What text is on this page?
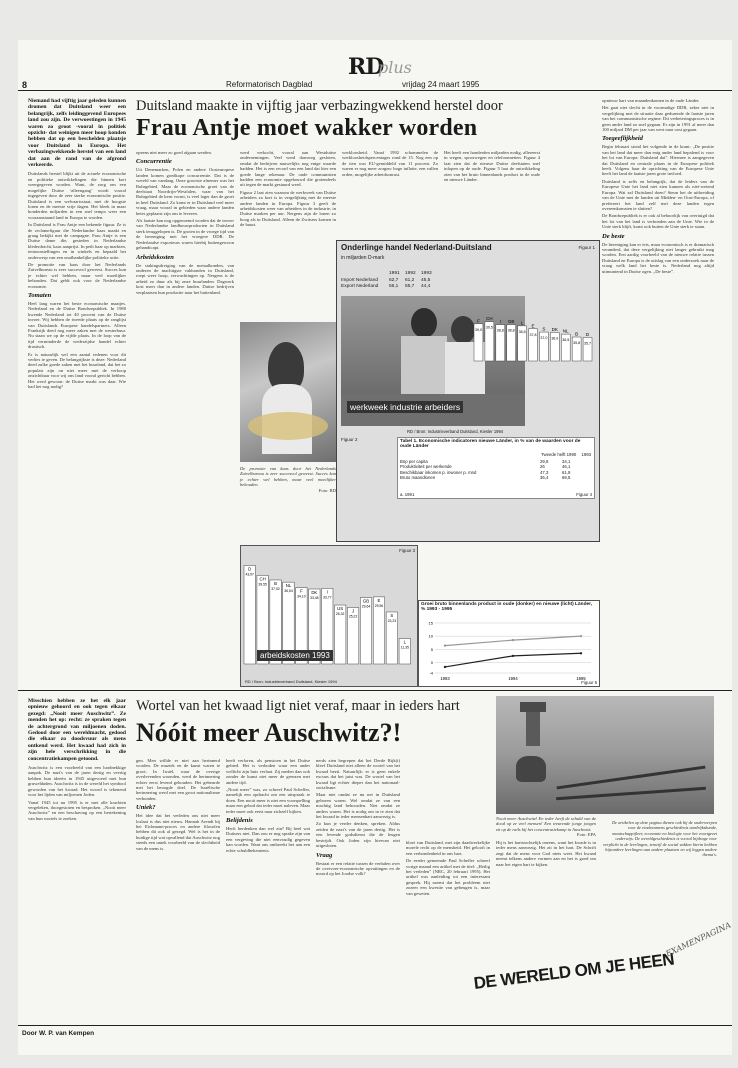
8
RD
plus
Reformatorisch Dagblad	vrijdag 24 maart 1995

Niemand had vijftig jaar geleden kunnen dromen dat Duitsland weer een belangrijk, zelfs leidinggevend Europees land zou zijn. De verwoestingen in 1945 waren zo groot -vooral in politiek opzicht- dat weinigen meer hoop konden hebben dat op een beschelden plaatsje voor Duitsland in Europa. Het verbazingwekkende herstel van een land dat aan de rand van de afgrond verkeerde.

Duitslands herstel blijkt uit de actuele economische en politieke ontwikkelingen die binnen kort weergegeven worden. Want, de zorg om een mogelijke Duitse ‘alleengang’ wordt vooral ingegeven door de zeer sterke economische positie. Duitsland is een welvaartsstaat, met de hoogste lonen en de meeste vrije dagen. Het bleek in maar honderden miljarden in een snel tempo weer een vooraanstaand land in Europa te worden.

In Duitsland is Frau Antje een bekende figuur. Ze is de reclamefiguur die Nederlandse kaas maakt en graag bekijkt met de campagne. Frau Antje is een Duitse dame die, gesteden in Nederlandse klederdracht, kaas aanprijst. In peilt haar op markten, tentoonstellingen en in winkels en bepaald het onderwerp van een onafhankelijke politieke actie.

De promotie van kaas door het Nederlands Zuivelbureau is zeer succesvol geweest. Succes kun je echter wel hebben, maar veel moeilijker behouden. Dat geldt ook voor de Nederlandse economie.

Tomaten

Heel lang waren het beste economische maatjes. Nederland en de Duitse Bondsrepubliek. In 1980 kwende Nederland tot 40 procent van de Duitse invoer. Wij hebben de tweede plaats op de ranglijst van Duitslands Europese handelspartners. Alleen Frankrijk deed nog meer zaken met de westerbuur. Nu staan we op de vijfde plaats. In de loop van de tijd verminderde de wederzijdse handel echter drastisch.

Er is natuurlijk wel een aantal redenen voor dit verlies te geven. De belangrijkste is deze: Nederland deed zulke goede zaken met het buurland, dat het zo populair zijn on niet meer met de verkoop onzichtbaar voor wij ons land vooral gericht hebben. Het werd gewoon: de Duitse markt was daar. Wie had het nog nodig?

Duitsland maakte in vijftig jaar verbazingwekkend herstel door
Frau Antje moet wakker worden

opeens niet meer zo goed afgaan werden.

Concurrentie

Uit Denemarken, Polen en andere Oosteuropese landen komen goedkope concurrentie. Dat is de wereld van vandaag. Onze grootste afnemer was het Ruhrgebied. Maar de economische groei van de deelstaat Noordrijn-Westfalen, waar van het Ruhrgebied de kern vormt, is veel lager dan de groei in heel Duitsland. Zo komt er in Duitsland veel meer vraag, maar vooral in gebieden waar andere landen beter geplaatst zijn om te leveren.

Als laatste kan nog opgenoemd worden dat de invoer van Nederlandse landbouwproducten in Duitsland sterk teruggelopen is. De groten in de vroege tijd van de hereniging met het vroegere DDR. De Nederlandse exporteurs waren hierbij buitengewoon gehandicapt.

Arbeidskosten

De stakingsdreiging van de metaalbonden, van onderen de machtigste vakbonden in Duitsland, roept weer hoop, verwachtingen op. Nergens is de arbeid zo duur als bij onze buurlanden. Dagwerk kost meer dan in andere landen. Duitse bedrijven verplaatsen hun productie naar het buitenland.

werd verkocht, vooral aan Westduitse ondernemingen. Veel werd domweg gesloten, omdat de bedrijven nauwelijks nog enige waarde hadden. Het is een record van een land dat hier een goede lange rekenaar. De oude communisten hadden een economie opgebouwd die grotendeels uit tegen de markt gestuurd werd.

Figuur 2 laat zien waarom de werkweek van Duitse arbeiders zo kort is in vergelijking met de meeste andere landen in Europa. Figuur 3 geeft de arbeidskosten weer van arbeiders in de industrie, in Duitse marken per uur. Nergens zijn de lonen zo hoog als in Duitsland. Alleen de Zwitsers komen in de buurt.

werkloosheid. Vanaf 1992 schommelen de werkloosheidspercentages rond de 15. Nog een op de tien was EU-gemiddeld van 11 procent. Zo waren er nog meer zorgen: hoge inflatie, een vallen orden, mogelijke arbeidsonrust.

Het heeft een honderden miljarden nodig, allereerst in wegen, spoorwegen en telefoonnetten. Figuur 4 laat zien dat de nieuwe Duitse deelstaten snel inlopen op de oude. Figuur 5 laat de ontwikkeling zien van het bruto binnenlands product in de oude en nieuwe Länder.

opnieuw hart van maandenkomen in de oude Länder.

Het gaat niet slecht in de voormalige DDR, zeker niet in vergelijking met de situatie daar gedurende de laatste jaren van het communistische regime. Dit verbeteringsproces is in geen ander land zo snel gegaan. Er zijn in 1991 al meer dan 100 miljard DM per jaar van west naar oost gegaan.

Toegeeflijkheid

Begin februari stond het volgende in de krant: „De positie van het land dat meer dan enig ander land bepalend is voor het lot van Europa: Duitsland dat”. Hiermee is aangegeven dat Duitsland en centrale plaats in de Europese politiek heeft. Volgens haar de oprichting van de Europese Unie heeft het land de laatste jaren grote invloed.

Duitsland is zelfs en belangrijk, dat de leiders van de Europese Unie het land niet zien kunnen als niet-wetend Europa. Wat zal Duitsland doen? Steun het de uitbreiding van de Unie met de landen uit Midden- en Oost-Europa, of prefereert het land zelf met deze landen tegen overeenkomsten te sluiten?

De Bondsrepubliek is er ook al behoorlijk van overtuigd dat het lot van het land is verbonden aan de Unie. Wie in de Unie sterk blijft, komt ook buiten de Unie sterk te staan.

De beste

De hereniging kan er iets, maar economisch is er dramatisch veranderd, dat deze vergelijking niet langer gebruikt mag worden. Een aardig voorbeeld van de nieuwe relatie tussen Duitsland en Europa is de uitslag van een onderzoek naar de vraag welk land het beste is. Nederland nog altijd uitmuntend in Duitse ogen. „De beste”.

De promotie van kaas door het Nederlands Zuivelbureau is zeer succesvol geweest. Succes kan je echter wel hebben, maar veel moeilijker behouden.

Foto: RD

Onderlinge handel Nederland-Duitsland	Figuur 1
in miljarden D-mark
1991 1992 1993
Import Nederland 62,7 61,2 45,5
Export Nederland 56,1 55,7 44,4
werkweek industrie arbeiders
RD / Bron: Industrieverband Duitsland, Kiesler 1994
F
39,0
CH
39,5
I
38,8
GB
38,8
L
38,5
E
37,8
S
37,0
DK
36,9
NL
36,5
B
35,8
D
35,7
Figuur 2	Tabel 1. Economische indicatoren nieuwe Länder, in % van de waarden voor de oude Länder
Tweede helft 1990 1993
Bnp per capita	29,8	34,1
Produktiviteit per werkende	26	46,1
Beschikbaar inkomen p. inwoner p. mnd	47,3	61,9
Bruto maandlonen	36,4	69,5
a. 1991	Figuur 4
D
43,97
CH
39,55 B
37,52
NL
36,54 F
34,10
DK
33,48
I
33,77
US
26,32
J
25,22
GB
29,64
E
29,96
S
23,23
L
11,35
arbeidskosten 1993
Figuur 3
RD / Bron: Industrieverband Duitsland, Kiesler 1994
Groei bruto binnenlands product in oude (donker) en nieuwe (licht) Länder, % 1993 - 1995
-4
0
5
10
15
1993	1994	1995
Figuur 5

Misschien hebben ze het elk jaar opnieuw gehoord en ook tegen elkaar gezegd: „Nooit meer Auschwitz”. Ze menden het op: recht: ze spraken tegen de achtergrond van miljoenen doden. Gedood door een wereldmacht, gedood die elkaar zo doodsvuur als mens ontkend werd. Het kwaad had zich in zijn hele verschrikking in die concentratiekampen getoond.

Auschwitz is een voorbeeld van een hardnekkige aanpak. De nazi's van de jaren dertig en veertig hebben hun ideeën in 1945 uitgevoerd met hun gruweldaden. Auschwitz is in de wereld het symbool geworden van het kwaad. Het woord is tekenend voor het lijden van miljoenen Joden.

Vanaf 1945 tot nu 1995 is er met alle krachten vergeleken, doorgestoten en besproken. „Nooit meer Auschwitz” en een beschaving op een hertekening van hun wortels te zoeken.

Wortel van het kwaad ligt niet veraf, maar in ieders hart
Nóóit meer Auschwitz?!

gen. Men willde er niet aan herinnerd worden. De muziek en de kunst waren te groot. In Israël, waar de overige overlevenden woonden, werd de herinnering echter eerst levend gehouden. Het gebeurde met het beoogde doel. De Israëlische herinnering werd met een groot nationalisme verbonden.

Uniek?

Het idee dat het verleden ons niet meer loslaat is dus niet nieuw. Hannah Arendt bij het Eichmann-proces en andere filosofen hebben dit ook al gezegd. Wel is het in de huidige tijd wat opvallend dat Auschwitz nog steeds een uniek voorbeeld van de slechtheid van de mens is.

heeft verloren, als pensioen in het Duitse gebied. Het is verboden waar een ander wellicht zijn huis verlaat. Zij meden dan ook zonder de kunst niet meer de grenzen met andere tijd.

„Nooit meer” was, zo schreef Paul Scheffer, namelijk een opdracht om een uitspraak te doen. Een nooit meer is niet een voorspelling maar een gebod dat ieder moet naleven. Maar ieder moet ook eerst naar zichzelf kijken.

Belijdenis

Herft herdenken dan wel zin? Bij heel wat Duitsers niet. Dan zou er nog sprake zijn van een vergeving die niet eenvoudig gegeven kan worden. Want ons ontbreekt het aan een echte schuldbekentenis.

nerds zien begrepen dat het Derde Rijk(t) bleef Duitsland niet alleen de wortel van het kwaad bezit. Natuurlijk: er is geen enkele excuus dat het juist was. De wortel van het kwaad ligt echter dieper dan het nationaal-socialisme.

Maar niet omdat ze nu net in Duitsland geboren waren. Wel omdat ze van een machtig land behoorden. Niet omdat ze anders waren. Het is nodig om in te zien dat het kwaad in ieder mensenhart aanwezig is.

Zo kun je verder denken, spreken. Aldus zeiden de nazi's van de jaren dertig. Het is een levende godsdienst die de leugen bestrijdt. Ook Joden zijn hiervan niet uitgesloten.

Vraag

Bestaat er een relatie tussen de verhalen over de overvoer-economische opvattingen en de moord op het Joodse volk?

bloei van Duitsland, met zijn daadwerkelijke morele recht op de mensheid. Het gelooft in een verbondenheid in ons hart.

De eerder genoemde Paul Scheffer schreef vorige maand een artikel met de titel: „Heilig het verleden” (NRC, 20 februari 1995). Het artikel was aanleiding tot een interessant gesprek. Hij noemt dat het probleem niet zozeer een kwestie van geheugen is, maar van geweten.

Hij is het hartstochtelijk oneens, want het kwade is in ieder mens aanwezig. Het zit in het hart. De Schrift zegt dat de mens voor God niets weet. Het kwaad neemt telkens andere vormen aan en het is goed om naar het eigen hart te kijken.

Nooit meer Auschwitz! En ieder heeft de schuld van de dood op ze veel mensen! Een treurende jonge jongen zit op de rails bij het concentratiekamp in Auschwitz.

Foto: EPA

De artikelen op deze pagina dienen ook bij de onderwerpen voor de eindexamens geschiedenis aardrijkskunde, maatschappijleer, economie en biologie voor het voortgezet onderwijs. De wereldgeschiedenis is vooral bijdrage voor verplicht in de leerlingen, tenwijl de social vakken hierin hebben bijzondere leerlingen aan andere plaatsen en wij leggen andere thema's.

DE WERELD OM JE HEEN
EXAMENPAGINA
Door W. P. van Kempen
